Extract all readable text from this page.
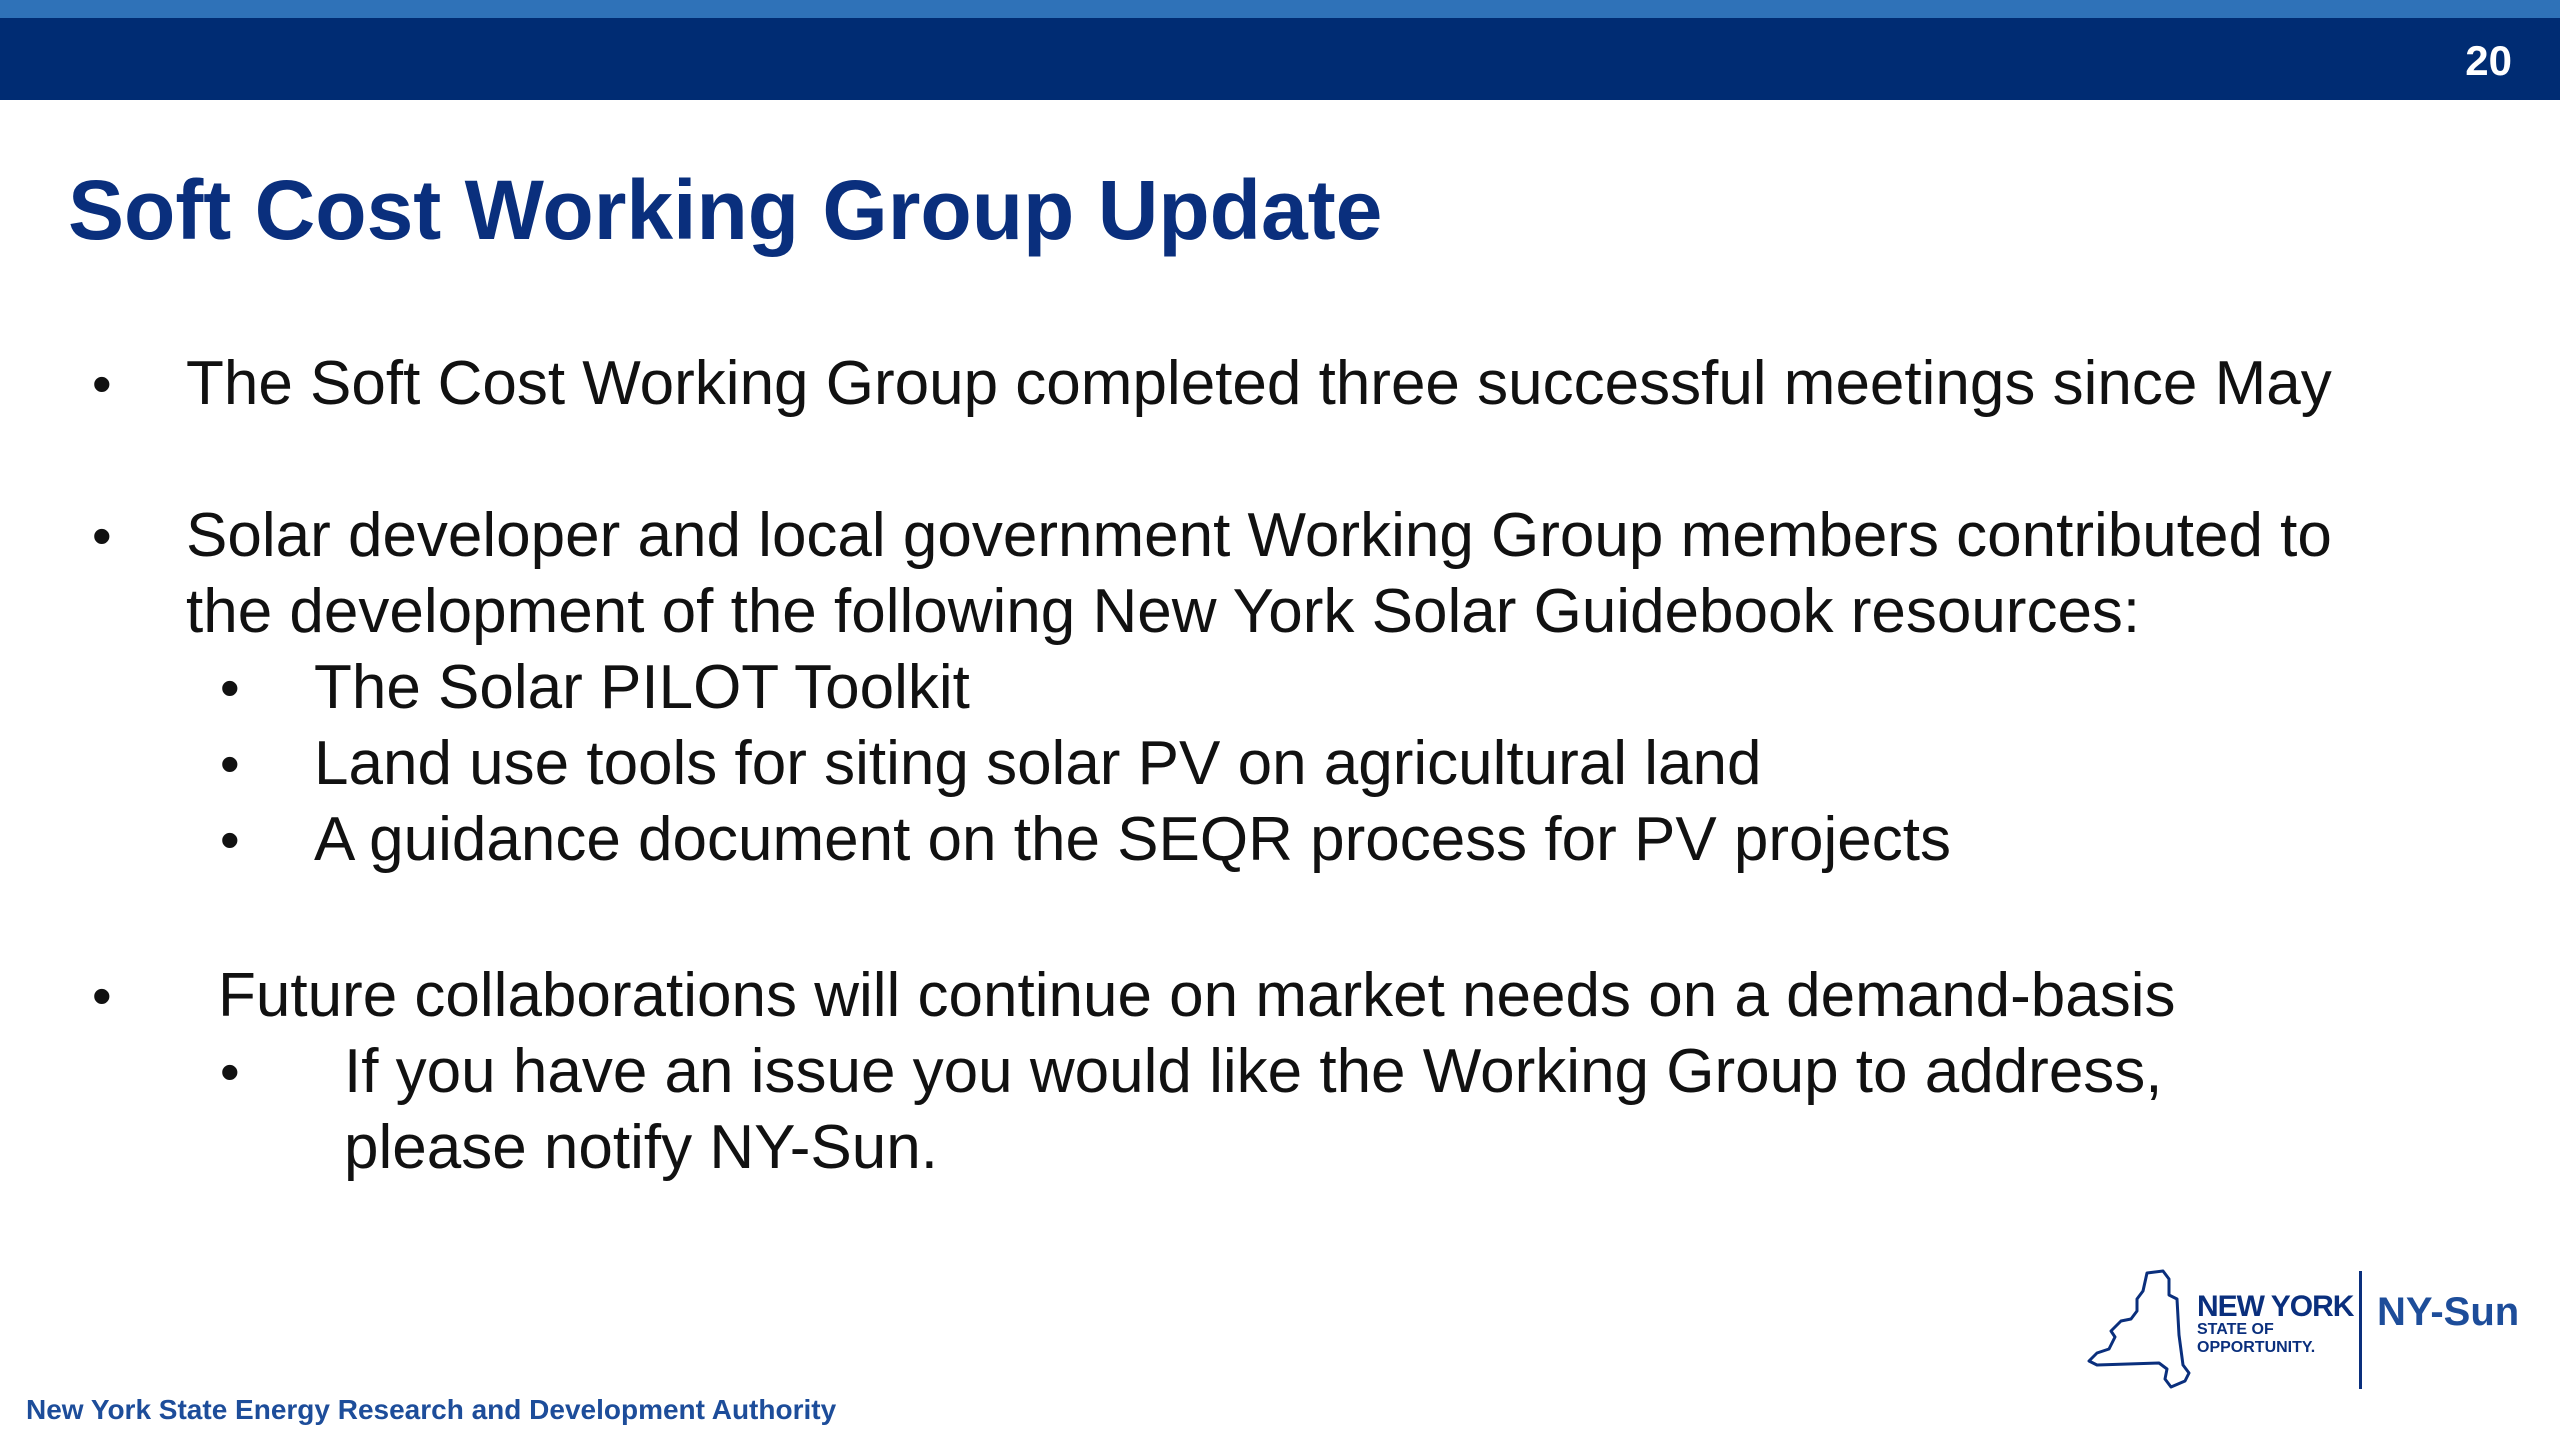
20
Soft Cost Working Group Update
• The Soft Cost Working Group completed three successful meetings since May
• Solar developer and local government Working Group members contributed to
the development of the following New York Solar Guidebook resources:
• The Solar PILOT Toolkit
• Land use tools for siting solar PV on agricultural land
• A guidance document on the SEQR process for PV projects
• Future collaborations will continue on market needs on a demand-basis
• If you have an issue you would like the Working Group to address,
please notify NY-Sun.
New York State Energy Research and Development Authority
NEW YORK
STATE OF
OPPORTUNITY.
NY-Sun
